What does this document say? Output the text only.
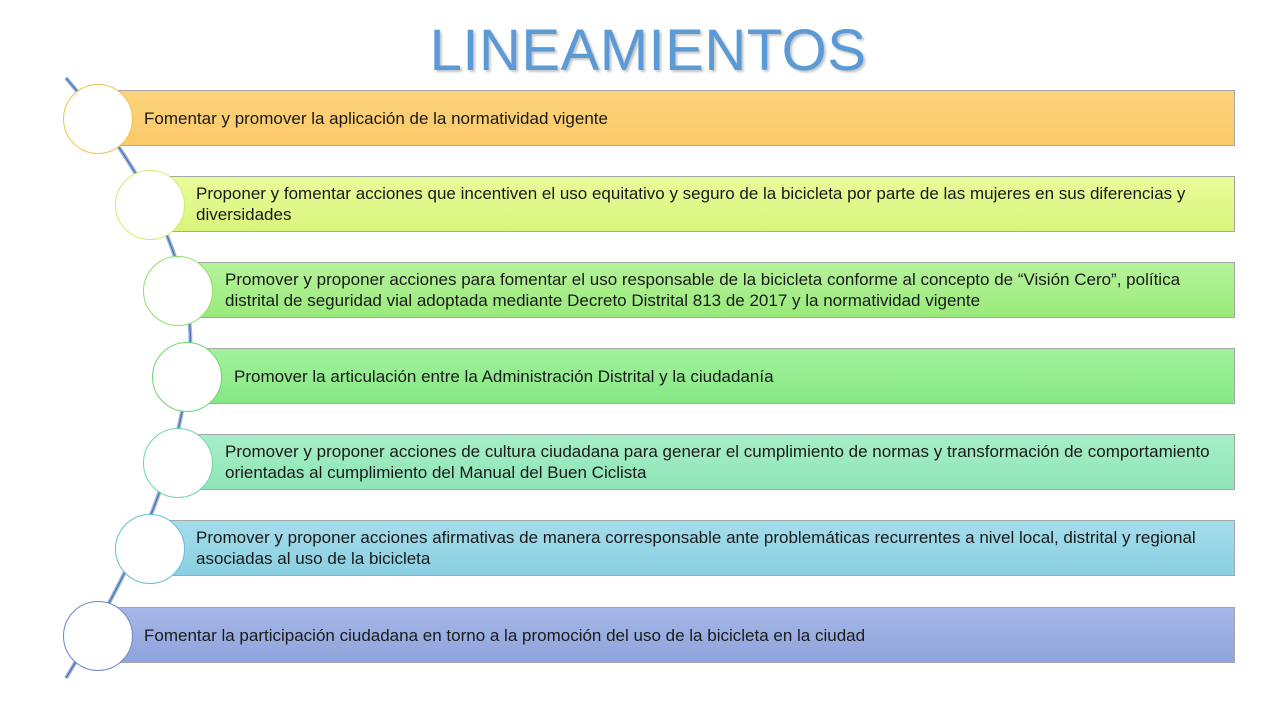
LINEAMIENTOS
Fomentar y promover la aplicación de la normatividad vigente
Proponer y fomentar acciones que incentiven el uso equitativo y seguro de la bicicleta por parte de las mujeres en sus diferencias y diversidades
Promover y proponer acciones para fomentar el uso responsable de la bicicleta conforme al concepto de “Visión Cero”, política distrital de seguridad vial adoptada mediante Decreto Distrital 813 de 2017 y la normatividad vigente
Promover la articulación entre la Administración Distrital y la ciudadanía
Promover y proponer acciones de cultura ciudadana para generar el cumplimiento de normas y transformación de comportamiento orientadas al cumplimiento del Manual del Buen Ciclista
Promover y proponer acciones afirmativas de manera corresponsable ante problemáticas recurrentes a nivel local, distrital y regional asociadas al uso de la bicicleta
Fomentar la participación ciudadana en torno a la promoción del uso de la bicicleta en la ciudad
